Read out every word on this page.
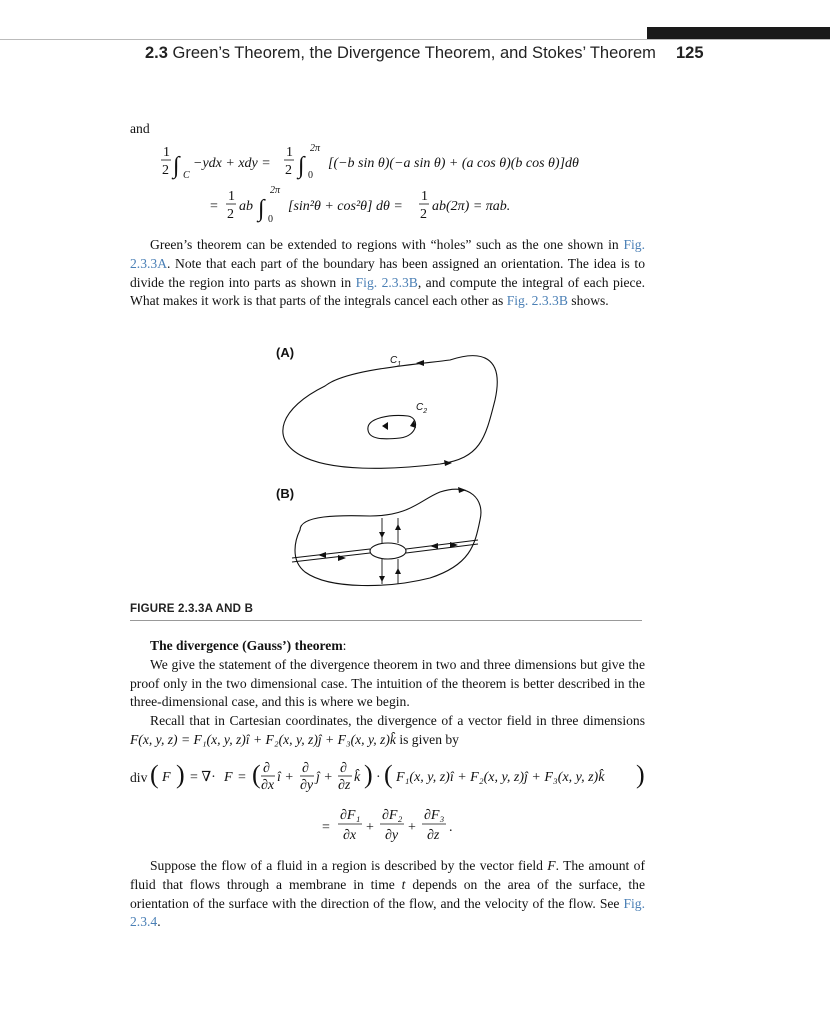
2.3 Green’s Theorem, the Divergence Theorem, and Stokes’ Theorem 125
and
1
2 ∫ C
−ydx + xdy =
1
2 ∫
2π
0
[(−b sin θ)(−a sin θ) + (a cos θ)(b cos θ)]dθ
=
1
2
ab ∫
2π
0
[sin²θ + cos²θ] dθ =
1
2
ab(2π) = πab.

Green’s theorem can be extended to regions with “holes” such as the one shown in Fig. 2.3.3A. Note that each part of the boundary has been assigned an orientation. The idea is to divide the region into parts as shown in Fig. 2.3.3B, and compute the integral of each piece. What makes it work is that parts of the integrals cancel each other as Fig. 2.3.3B shows.

(A)
(B)
$C_1$
$C_2$
FIGURE 2.3.3A AND B

The divergence (Gauss’) theorem:

We give the statement of the divergence theorem in two and three dimensions but give the proof only in the two dimensional case. The intuition of the theorem is better described in the three-dimensional case, and this is where we begin.

Recall that in Cartesian coordinates, the divergence of a vector field in three dimensions F(x, y, z) = F₁(x, y, z)î + F₂(x, y, z)ĵ + F₃(x, y, z)k̂ is given by

div ( F ) = ∇· F = ( ∂
∂x
î +
∂
∂y
ĵ +
∂
∂z
k̂ ) · ( F₁(x, y, z)î + F₂(x, y, z)ĵ + F₃(x, y, z)k̂ )
=
∂F₁
∂x
+
∂F₂
∂y
+
∂F₃
∂z
.

Suppose the flow of a fluid in a region is described by the vector field F. The amount of fluid that flows through a membrane in time t depends on the area of the surface, the orientation of the surface with the direction of the flow, and the velocity of the flow. See Fig. 2.3.4.
